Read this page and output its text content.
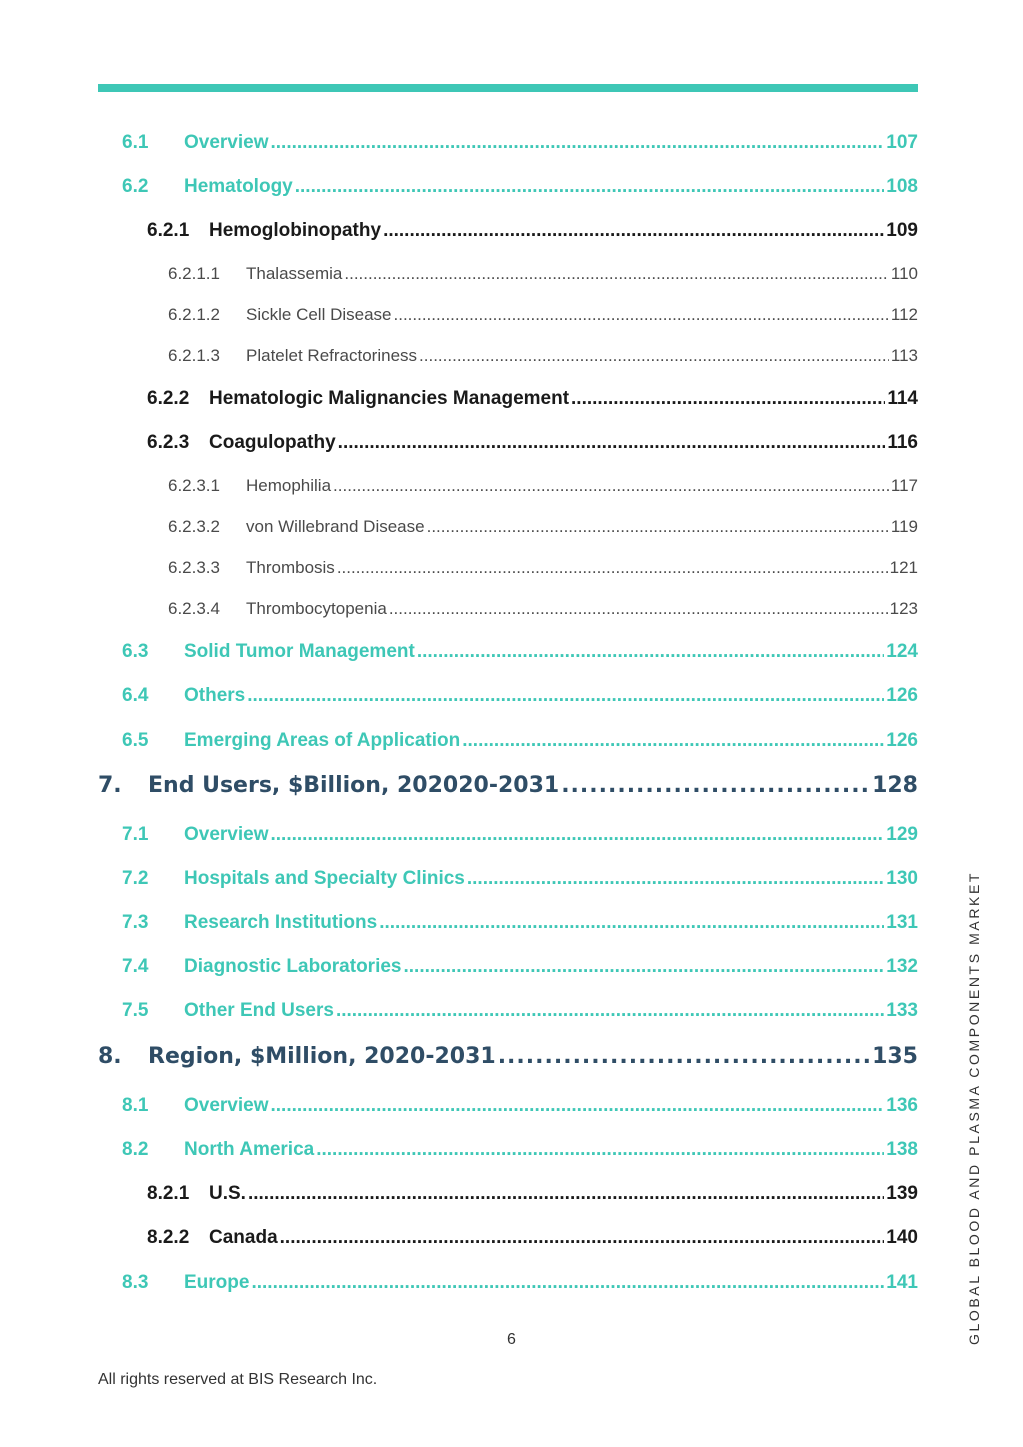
6.1	Overview .....	107
6.2	Hematology .....	108
6.2.1	Hemoglobinopathy .....	109
6.2.1.1	Thalassemia .....	110
6.2.1.2	Sickle Cell Disease .....	112
6.2.1.3	Platelet Refractoriness .....	113
6.2.2	Hematologic Malignancies Management .....	114
6.2.3	Coagulopathy .....	116
6.2.3.1	Hemophilia .....	117
6.2.3.2	von Willebrand Disease .....	119
6.2.3.3	Thrombosis .....	121
6.2.3.4	Thrombocytopenia .....	123
6.3	Solid Tumor Management .....	124
6.4	Others .....	126
6.5	Emerging Areas of Application .....	126
7.	End Users, $Billion, 202020-2031 .....	128
7.1	Overview .....	129
7.2	Hospitals and Specialty Clinics .....	130
7.3	Research Institutions .....	131
7.4	Diagnostic Laboratories .....	132
7.5	Other End Users .....	133
8.	Region, $Million, 2020-2031 .....	135
8.1	Overview .....	136
8.2	North America .....	138
8.2.1	U.S. .....	139
8.2.2	Canada .....	140
8.3	Europe .....	141
6
All rights reserved at BIS Research Inc.
GLOBAL BLOOD AND PLASMA COMPONENTS MARKET
